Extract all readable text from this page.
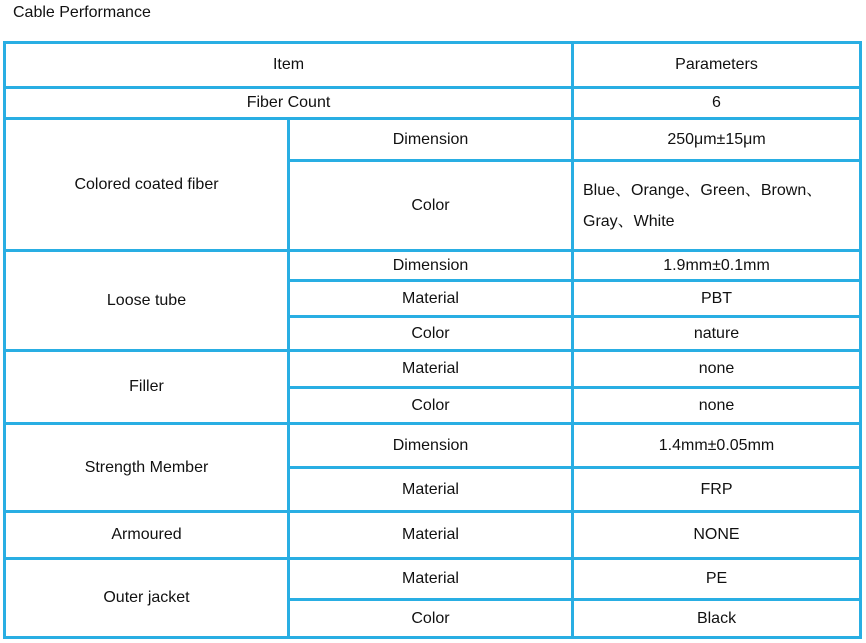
Cable Performance
Item		Parameters
Fiber Count		6
Colored coated fiber	Dimension	250μm±15μm
	Color	Blue、Orange、Green、Brown、Gray、White
Loose tube	Dimension	1.9mm±0.1mm
	Material	PBT
	Color	nature
Filler	Material	none
	Color	none
Strength Member	Dimension	1.4mm±0.05mm
	Material	FRP
Armoured	Material	NONE
Outer jacket	Material	PE
	Color	Black
